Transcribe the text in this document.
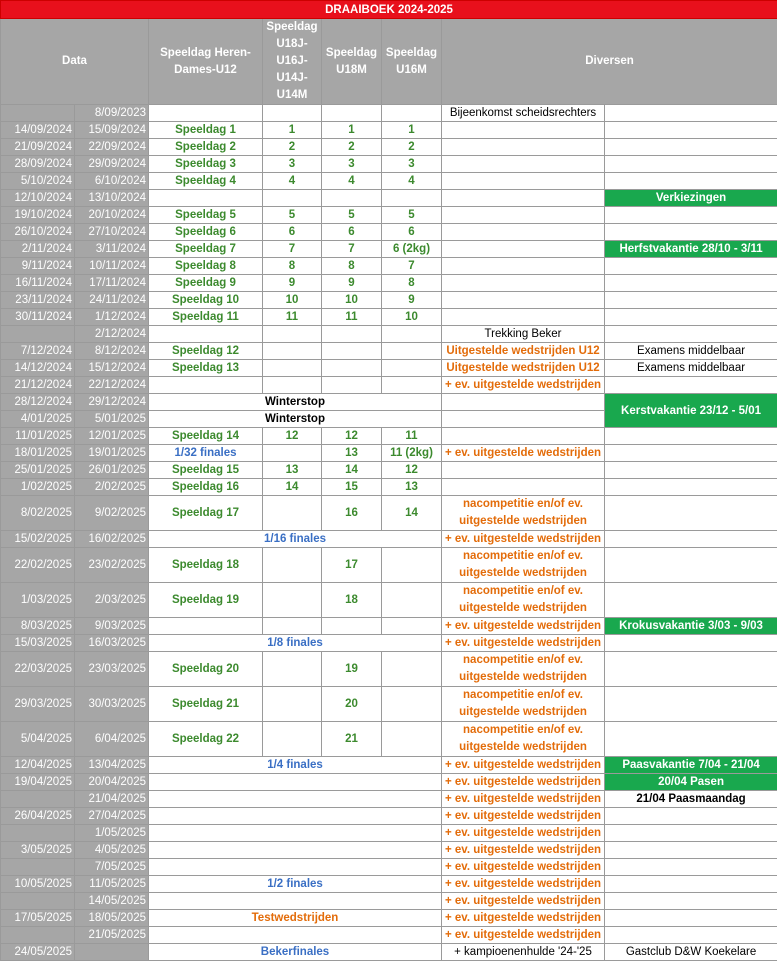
DRAAIBOEK 2024-2025							
Data		Speeldag Heren-Dames-U12	Speeldag U18J-U16J-U14J-U14M	Speeldag U18M	Speeldag U16M	Diversen	
	8/09/2023					Bijeenkomst scheidsrechters	
14/09/2024	15/09/2024	Speeldag 1	1	1	1		
21/09/2024	22/09/2024	Speeldag 2	2	2	2		
28/09/2024	29/09/2024	Speeldag 3	3	3	3		
5/10/2024	6/10/2024	Speeldag 4	4	4	4		
12/10/2024	13/10/2024						Verkiezingen
19/10/2024	20/10/2024	Speeldag 5	5	5	5		
26/10/2024	27/10/2024	Speeldag 6	6	6	6		
2/11/2024	3/11/2024	Speeldag 7	7	7	6 (2kg)		Herfstvakantie 28/10 - 3/11
9/11/2024	10/11/2024	Speeldag 8	8	8	7		
16/11/2024	17/11/2024	Speeldag 9	9	9	8		
23/11/2024	24/11/2024	Speeldag 10	10	10	9		
30/11/2024	1/12/2024	Speeldag 11	11	11	10		
	2/12/2024					Trekking Beker	
7/12/2024	8/12/2024	Speeldag 12				Uitgestelde wedstrijden U12	Examens middelbaar
14/12/2024	15/12/2024	Speeldag 13				Uitgestelde wedstrijden U12	Examens middelbaar
21/12/2024	22/12/2024					+ ev. uitgestelde wedstrijden	
28/12/2024	29/12/2024	Winterstop					Kerstvakantie 23/12 - 5/01
4/01/2025	5/01/2025	Winterstop					
11/01/2025	12/01/2025	Speeldag 14	12	12	11		
18/01/2025	19/01/2025	1/32 finales		13	11 (2kg)	+ ev. uitgestelde wedstrijden	
25/01/2025	26/01/2025	Speeldag 15	13	14	12		
1/02/2025	2/02/2025	Speeldag 16	14	15	13		
8/02/2025	9/02/2025	Speeldag 17		16	14	nacompetitie en/of ev. uitgestelde wedstrijden	
15/02/2025	16/02/2025	1/16 finales				+ ev. uitgestelde wedstrijden	
22/02/2025	23/02/2025	Speeldag 18		17		nacompetitie en/of ev. uitgestelde wedstrijden	
1/03/2025	2/03/2025	Speeldag 19		18		nacompetitie en/of ev. uitgestelde wedstrijden	
8/03/2025	9/03/2025					+ ev. uitgestelde wedstrijden	Krokusvakantie 3/03 - 9/03
15/03/2025	16/03/2025	1/8 finales				+ ev. uitgestelde wedstrijden	
22/03/2025	23/03/2025	Speeldag 20		19		nacompetitie en/of ev. uitgestelde wedstrijden	
29/03/2025	30/03/2025	Speeldag 21		20		nacompetitie en/of ev. uitgestelde wedstrijden	
5/04/2025	6/04/2025	Speeldag 22		21		nacompetitie en/of ev. uitgestelde wedstrijden	
12/04/2025	13/04/2025	1/4 finales				+ ev. uitgestelde wedstrijden	Paasvakantie 7/04 - 21/04
19/04/2025	20/04/2025					+ ev. uitgestelde wedstrijden	20/04 Pasen
	21/04/2025					+ ev. uitgestelde wedstrijden	21/04 Paasmaandag
26/04/2025	27/04/2025					+ ev. uitgestelde wedstrijden	
	1/05/2025					+ ev. uitgestelde wedstrijden	
3/05/2025	4/05/2025					+ ev. uitgestelde wedstrijden	
	7/05/2025					+ ev. uitgestelde wedstrijden	
10/05/2025	11/05/2025	1/2 finales				+ ev. uitgestelde wedstrijden	
	14/05/2025					+ ev. uitgestelde wedstrijden	
17/05/2025	18/05/2025	Testwedstrijden				+ ev. uitgestelde wedstrijden	
	21/05/2025					+ ev. uitgestelde wedstrijden	
24/05/2025		Bekerfinales				+ kampioenenhulde '24-'25	Gastclub D&W Koekelare
